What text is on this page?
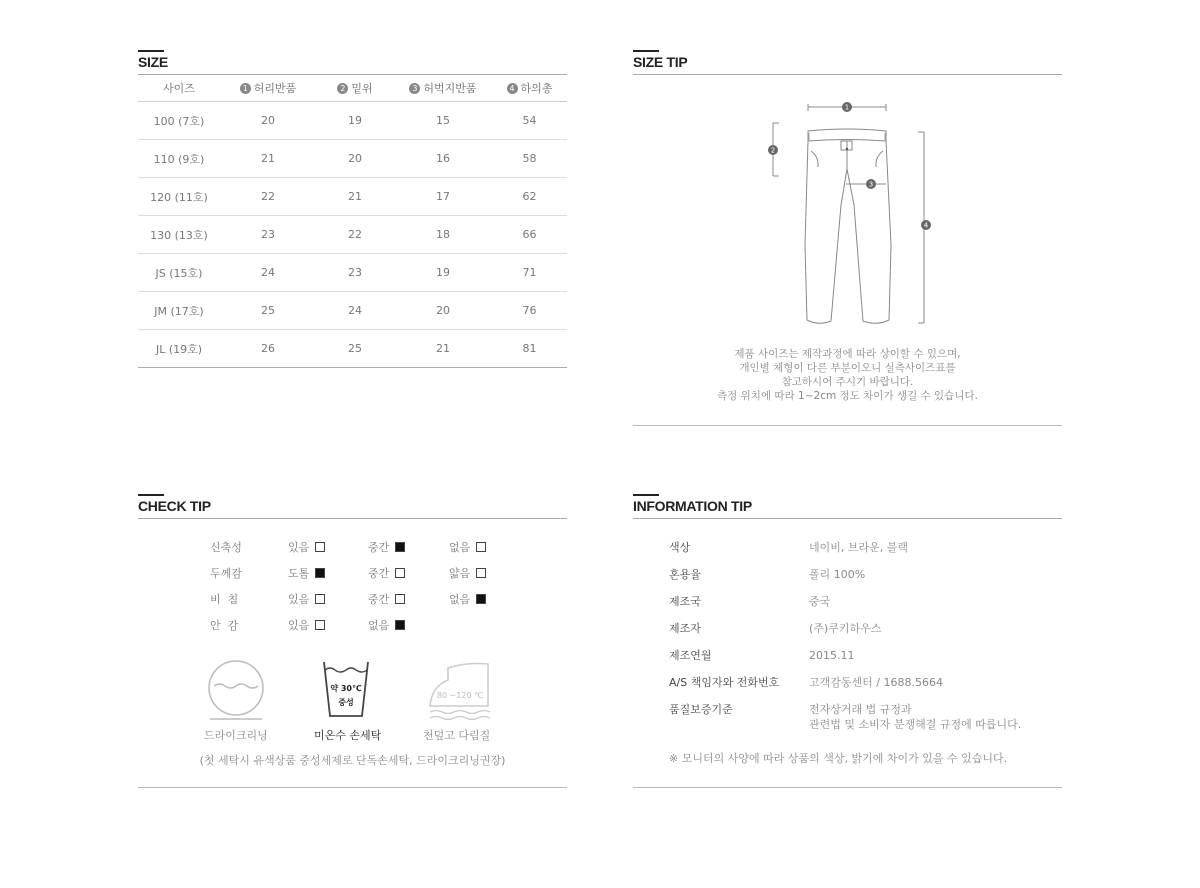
SIZE
사이즈	1 허리반품	2 밑위	3 허벅지반품	4 하의총
100 (7호)	20	19	15	54
110 (9호)	21	20	16	58
120 (11호)	22	21	17	62
130 (13호)	23	22	18	66
JS (15호)	24	23	19	71
JM (17호)	25	24	20	76
JL (19호)	26	25	21	81
SIZE TIP
1
2
3
4
제품 사이즈는 제작과정에 따라 상이할 수 있으며,
개인별 체형이 다른 부분이오니 실측사이즈표를
참고하시어 주시기 바랍니다.
측정 위치에 따라 1~2cm 정도 차이가 생길 수 있습니다.
CHECK TIP
신축성	있음	중간	없음
두께감	도톰	중간	얇음
비  침	있음	중간	없음
안  감	있음	없음
드라이크리닝
약 30℃
중성
미온수 손세탁
80 ~120 ℃
천덮고 다림질
(첫 세탁시 유색상품 중성세제로 단독손세탁, 드라이크리닝권장)
INFORMATION TIP
색상	네이비, 브라운, 블랙
혼용율	폴리 100%
제조국	중국
제조자	(주)쿠키하우스
제조연월	2015.11
A/S 책임자와 전화번호	고객감동센터 / 1688.5664
품질보증기준	전자상거래 법 규정과
관련법 및 소비자 분쟁해결 규정에 따릅니다.
※ 모니터의 사양에 따라 상품의 색상, 밝기에 차이가 있을 수 있습니다.
